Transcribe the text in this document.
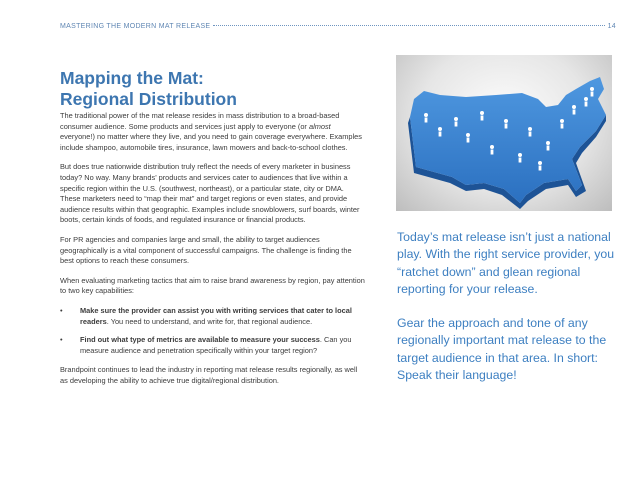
MASTERING THE MODERN MAT RELEASE	14
Mapping the Mat:
Regional Distribution

The traditional power of the mat release resides in mass distribution to a broad-based consumer audience. Some products and services just apply to everyone (or almost everyone!) no matter where they live, and you need to gain coverage everywhere. Examples include shampoo, automobile tires, insurance, lawn mowers and back-to-school clothes.

But does true nationwide distribution truly reflect the needs of every marketer in business today? No way. Many brands’ products and services cater to audiences that live within a specific region within the U.S. (southwest, northeast), or a particular state, city or DMA. These marketers need to “map their mat” and target regions or even states, and provide audience results within that geographic. Examples include snowblowers, surf boards, winter boots, certain kinds of foods, and regulated insurance or financial products.

For PR agencies and companies large and small, the ability to target audiences geographically is a vital component of successful campaigns. The challenge is finding the best options to reach these consumers.

When evaluating marketing tactics that aim to raise brand awareness by region, pay attention to two key capabilities:

• Make sure the provider can assist you with writing services that cater to local readers. You need to understand, and write for, that regional audience.
• Find out what type of metrics are available to measure your success. Can you measure audience and penetration specifically within your target region?

Brandpoint continues to lead the industry in reporting mat release results regionally, as well as developing the ability to achieve true digital/regional distribution.

Today’s mat release isn’t just a national play. With the right service provider, you “ratchet down” and glean regional reporting for your release.

Gear the approach and tone of any regionally important mat release to the target audience in that area. In short: Speak their language!
